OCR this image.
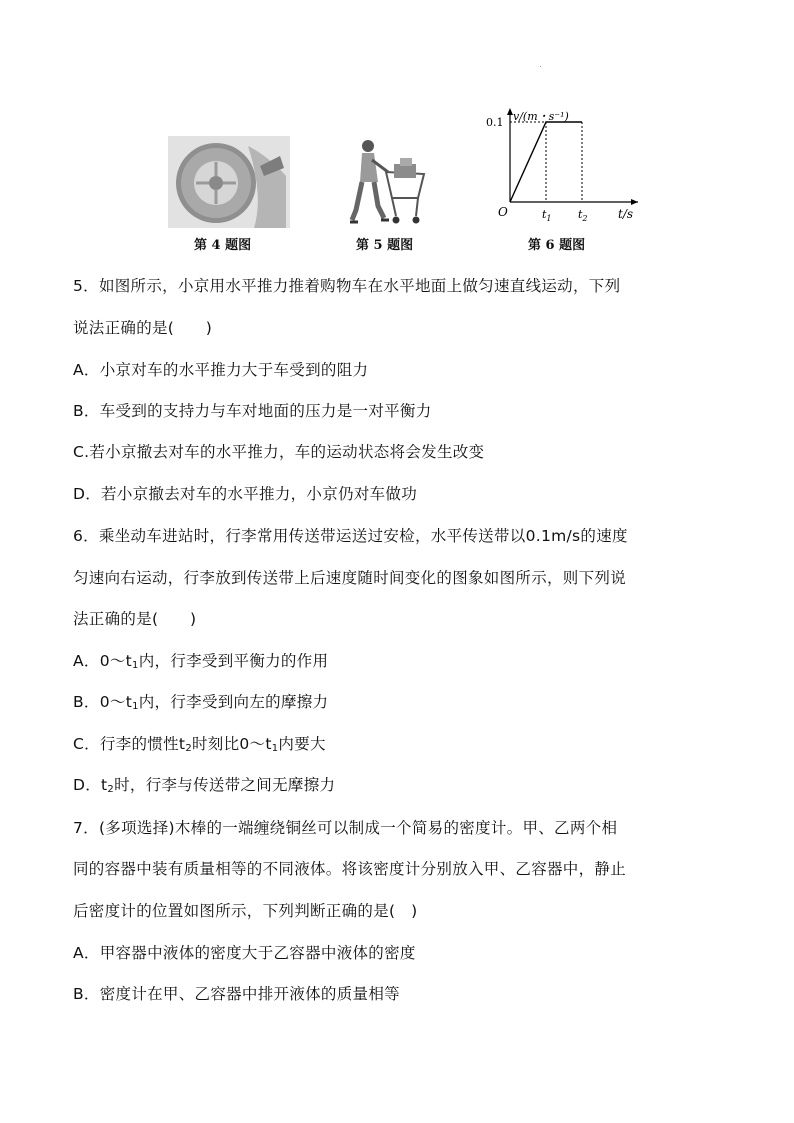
第 4 题图	第 5 题图
v/(m・s⁻¹)
t/s
O
0.1
$t_1$ $t_2$
第 6 题图
5．如图所示，小京用水平推力推着购物车在水平地面上做匀速直线运动，下列
说法正确的是(　　)
A．小京对车的水平推力大于车受到的阻力
B．车受到的支持力与车对地面的压力是一对平衡力
C.若小京撤去对车的水平推力，车的运动状态将会发生改变
D．若小京撤去对车的水平推力，小京仍对车做功
6．乘坐动车进站时，行李常用传送带运送过安检，水平传送带以0.1m/s的速度
匀速向右运动，行李放到传送带上后速度随时间变化的图象如图所示，则下列说
法正确的是(　　)
A．$0\sim t_1$内，行李受到平衡力的作用
B．$0\sim t_1$内，行李受到向左的摩擦力
C．行李的惯性$t_2$时刻比$0\sim t_1$内要大
D．$t_2$时，行李与传送带之间无摩擦力
7．(多项选择)木棒的一端缠绕铜丝可以制成一个简易的密度计。甲、乙两个相
同的容器中装有质量相等的不同液体。将该密度计分别放入甲、乙容器中，静止
后密度计的位置如图所示，下列判断正确的是(　)
A．甲容器中液体的密度大于乙容器中液体的密度
B．密度计在甲、乙容器中排开液体的质量相等
